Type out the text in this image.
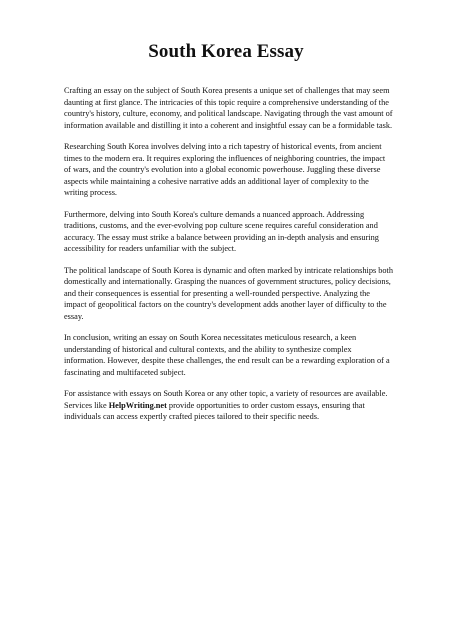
South Korea Essay

Crafting an essay on the subject of South Korea presents a unique set of challenges that may seem daunting at first glance. The intricacies of this topic require a comprehensive understanding of the country's history, culture, economy, and political landscape. Navigating through the vast amount of information available and distilling it into a coherent and insightful essay can be a formidable task.

Researching South Korea involves delving into a rich tapestry of historical events, from ancient times to the modern era. It requires exploring the influences of neighboring countries, the impact of wars, and the country's evolution into a global economic powerhouse. Juggling these diverse aspects while maintaining a cohesive narrative adds an additional layer of complexity to the writing process.

Furthermore, delving into South Korea's culture demands a nuanced approach. Addressing traditions, customs, and the ever-evolving pop culture scene requires careful consideration and accuracy. The essay must strike a balance between providing an in-depth analysis and ensuring accessibility for readers unfamiliar with the subject.

The political landscape of South Korea is dynamic and often marked by intricate relationships both domestically and internationally. Grasping the nuances of government structures, policy decisions, and their consequences is essential for presenting a well-rounded perspective. Analyzing the impact of geopolitical factors on the country's development adds another layer of difficulty to the essay.

In conclusion, writing an essay on South Korea necessitates meticulous research, a keen understanding of historical and cultural contexts, and the ability to synthesize complex information. However, despite these challenges, the end result can be a rewarding exploration of a fascinating and multifaceted subject.

For assistance with essays on South Korea or any other topic, a variety of resources are available. Services like HelpWriting.net provide opportunities to order custom essays, ensuring that individuals can access expertly crafted pieces tailored to their specific needs.
